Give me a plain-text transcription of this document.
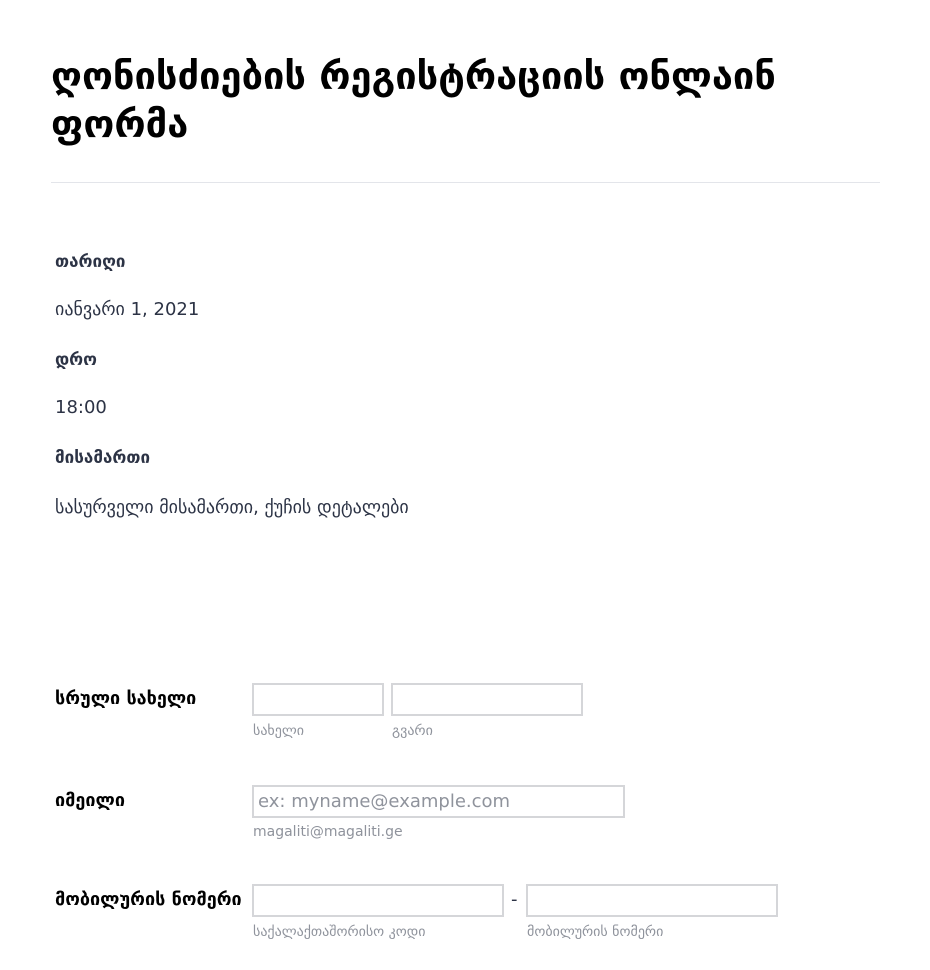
ღონისძიების რეგისტრაციის ონლაინ ფორმა
თარიღი
იანვარი 1, 2021
დრო
18:00
მისამართი
სასურველი მისამართი, ქუჩის დეტალები
სრული სახელი
სახელი	გვარი
იმეილი
ex: myname@example.com
magaliti@magaliti.ge
მობილურის ნომერი	-
საქალაქთაშორისო კოდი	მობილურის ნომერი
